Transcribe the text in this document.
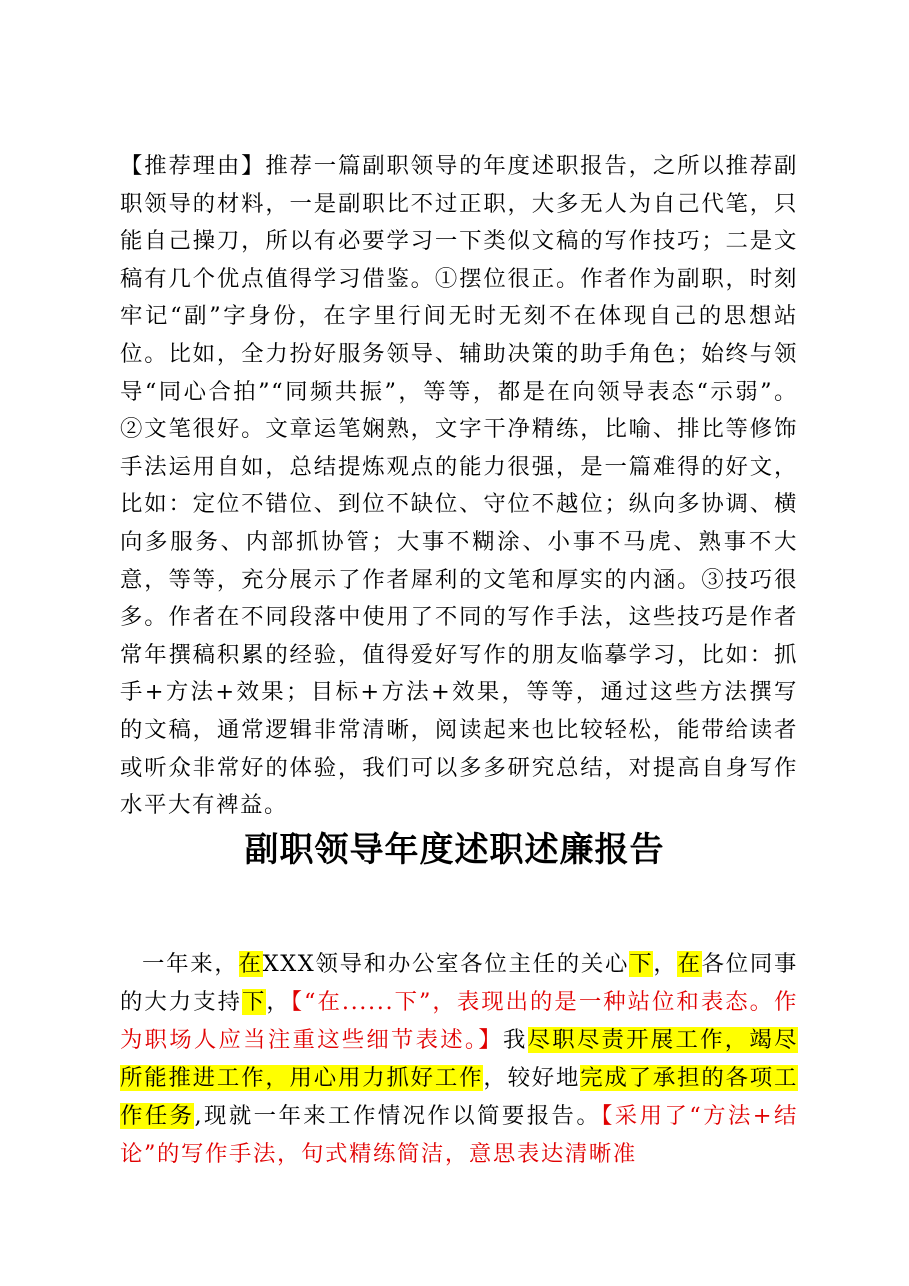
【推荐理由】推荐一篇副职领导的年度述职报告，之所以推荐副职领导的材料，一是副职比不过正职，大多无人为自己代笔，只能自己操刀，所以有必要学习一下类似文稿的写作技巧；二是文稿有几个优点值得学习借鉴。①摆位很正。作者作为副职，时刻牢记“副”字身份，在字里行间无时无刻不在体现自己的思想站位。比如，全力扮好服务领导、辅助决策的助手角色；始终与领导“同心合拍”“同频共振”，等等，都是在向领导表态“示弱”。②文笔很好。文章运笔娴熟，文字干净精练，比喻、排比等修饰手法运用自如，总结提炼观点的能力很强，是一篇难得的好文，比如：定位不错位、到位不缺位、守位不越位；纵向多协调、横向多服务、内部抓协管；大事不糊涂、小事不马虎、熟事不大意，等等，充分展示了作者犀利的文笔和厚实的内涵。③技巧很多。作者在不同段落中使用了不同的写作手法，这些技巧是作者常年撰稿积累的经验，值得爱好写作的朋友临摹学习，比如：抓手+方法+效果；目标+方法+效果，等等，通过这些方法撰写的文稿，通常逻辑非常清晰，阅读起来也比较轻松，能带给读者或听众非常好的体验，我们可以多多研究总结，对提高自身写作水平大有裨益。

副职领导年度述职述廉报告

一年来，在XXX领导和办公室各位主任的关心下，在各位同事的大力支持下，【“在......下”，表现出的是一种站位和表态。作为职场人应当注重这些细节表述。】我尽职尽责开展工作，竭尽所能推进工作，用心用力抓好工作，较好地完成了承担的各项工作任务,现就一年来工作情况作以简要报告。【采用了“方法+结论”的写作手法，句式精练简洁，意思表达清晰准
